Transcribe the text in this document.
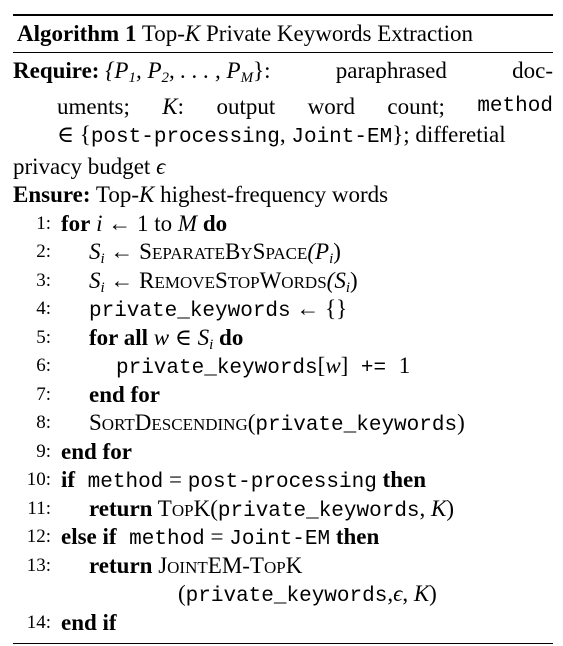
Algorithm 1 Top-K Private Keywords Extraction
Require: {$P_1$, $P_2$, . . . , $P_M$}:	paraphrased	doc-
uments; K: output word count; method
∈ {post-processing, Joint-EM}; differetial
privacy budget ϵ
Ensure: Top-K highest-frequency words
1: for i ← 1 to M do
2: $S_i$ ← $SEPARATEBYSPACE(P_i)$
3: $S_i$ ← $REMOVESTOPWORDS(S_i)$
4: private_keywords ← {}
5: for all w ∈ $S_i$ do
6:	private_keywords[w] += 1
7: end for
8: SORTDESCENDING(private_keywords)
9: end for
10: if method = post-processing then
11: return TOPK(private_keywords, K)
12: else if method = Joint-EM then
13: return JOINTEM-TOPK
(private_keywords,ϵ, K)
14: end if
